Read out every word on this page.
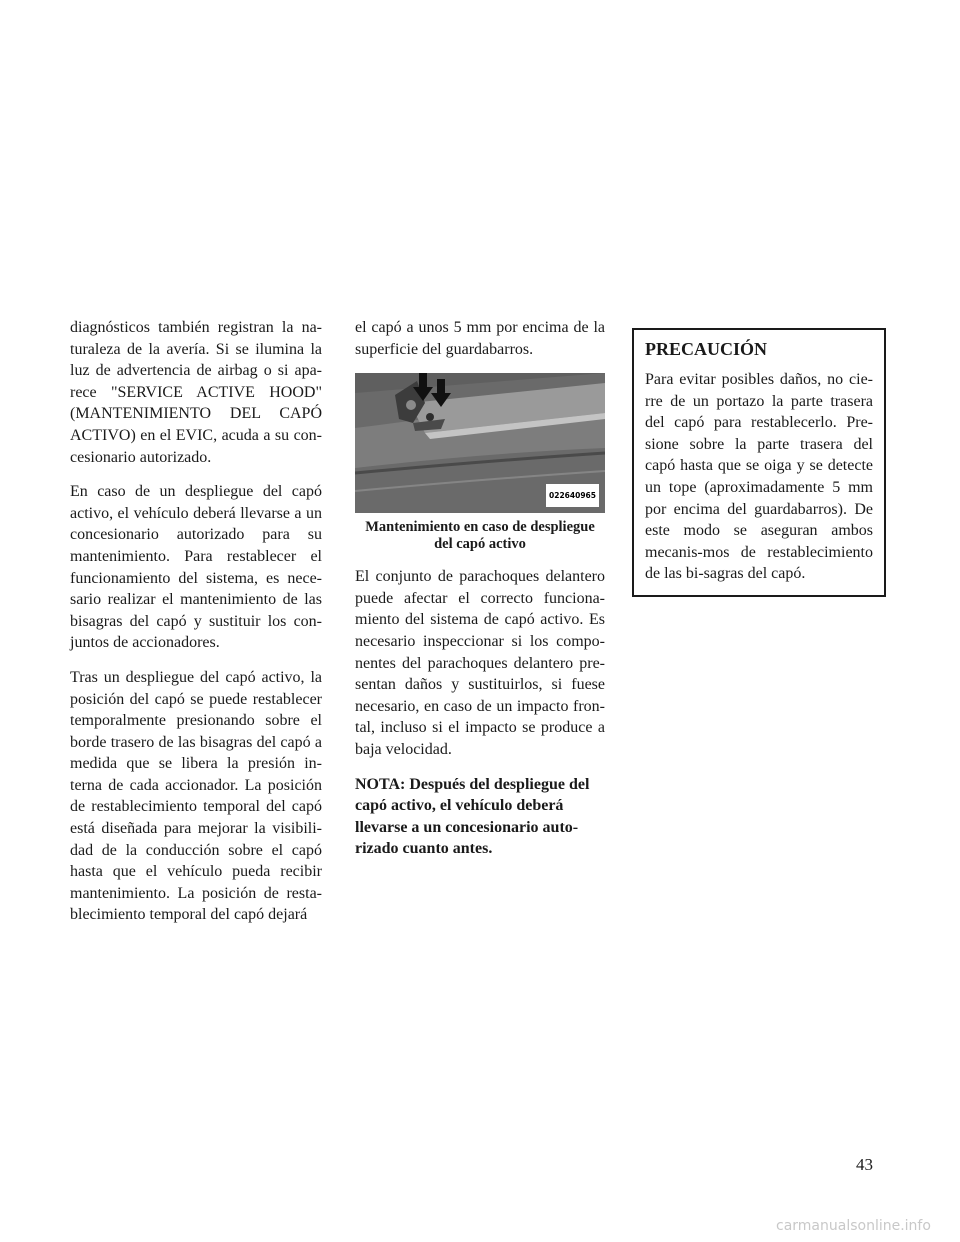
diagnósticos también registran la na-turaleza de la avería. Si se ilumina la luz de advertencia de airbag o si apa-rece "SERVICE ACTIVE HOOD" (MANTENIMIENTO DEL CAPÓ ACTIVO) en el EVIC, acuda a su con-cesionario autorizado.

En caso de un despliegue del capó activo, el vehículo deberá llevarse a un concesionario autorizado para su mantenimiento. Para restablecer el funcionamiento del sistema, es nece-sario realizar el mantenimiento de las bisagras del capó y sustituir los con-juntos de accionadores.

Tras un despliegue del capó activo, la posición del capó se puede restablecer temporalmente presionando sobre el borde trasero de las bisagras del capó a medida que se libera la presión in-terna de cada accionador. La posición de restablecimiento temporal del capó está diseñada para mejorar la visibili-dad de la conducción sobre el capó hasta que el vehículo pueda recibir mantenimiento. La posición de resta-blecimiento temporal del capó dejará

el capó a unos 5 mm por encima de la superficie del guardabarros.

022640965

Mantenimiento en caso de despliegue del capó activo

El conjunto de parachoques delantero puede afectar el correcto funciona-miento del sistema de capó activo. Es necesario inspeccionar si los compo-nentes del parachoques delantero pre-sentan daños y sustituirlos, si fuese necesario, en caso de un impacto fron-tal, incluso si el impacto se produce a baja velocidad.

NOTA: Después del despliegue del capó activo, el vehículo deberá llevarse a un concesionario auto-rizado cuanto antes.

PRECAUCIÓN

Para evitar posibles daños, no cie-rre de un portazo la parte trasera del capó para restablecerlo. Pre-sione sobre la parte trasera del capó hasta que se oiga y se detecte un tope (aproximadamente 5 mm por encima del guardabarros). De este modo se aseguran ambos mecanis-mos de restablecimiento de las bi-sagras del capó.

43
carmanualsonline.info
